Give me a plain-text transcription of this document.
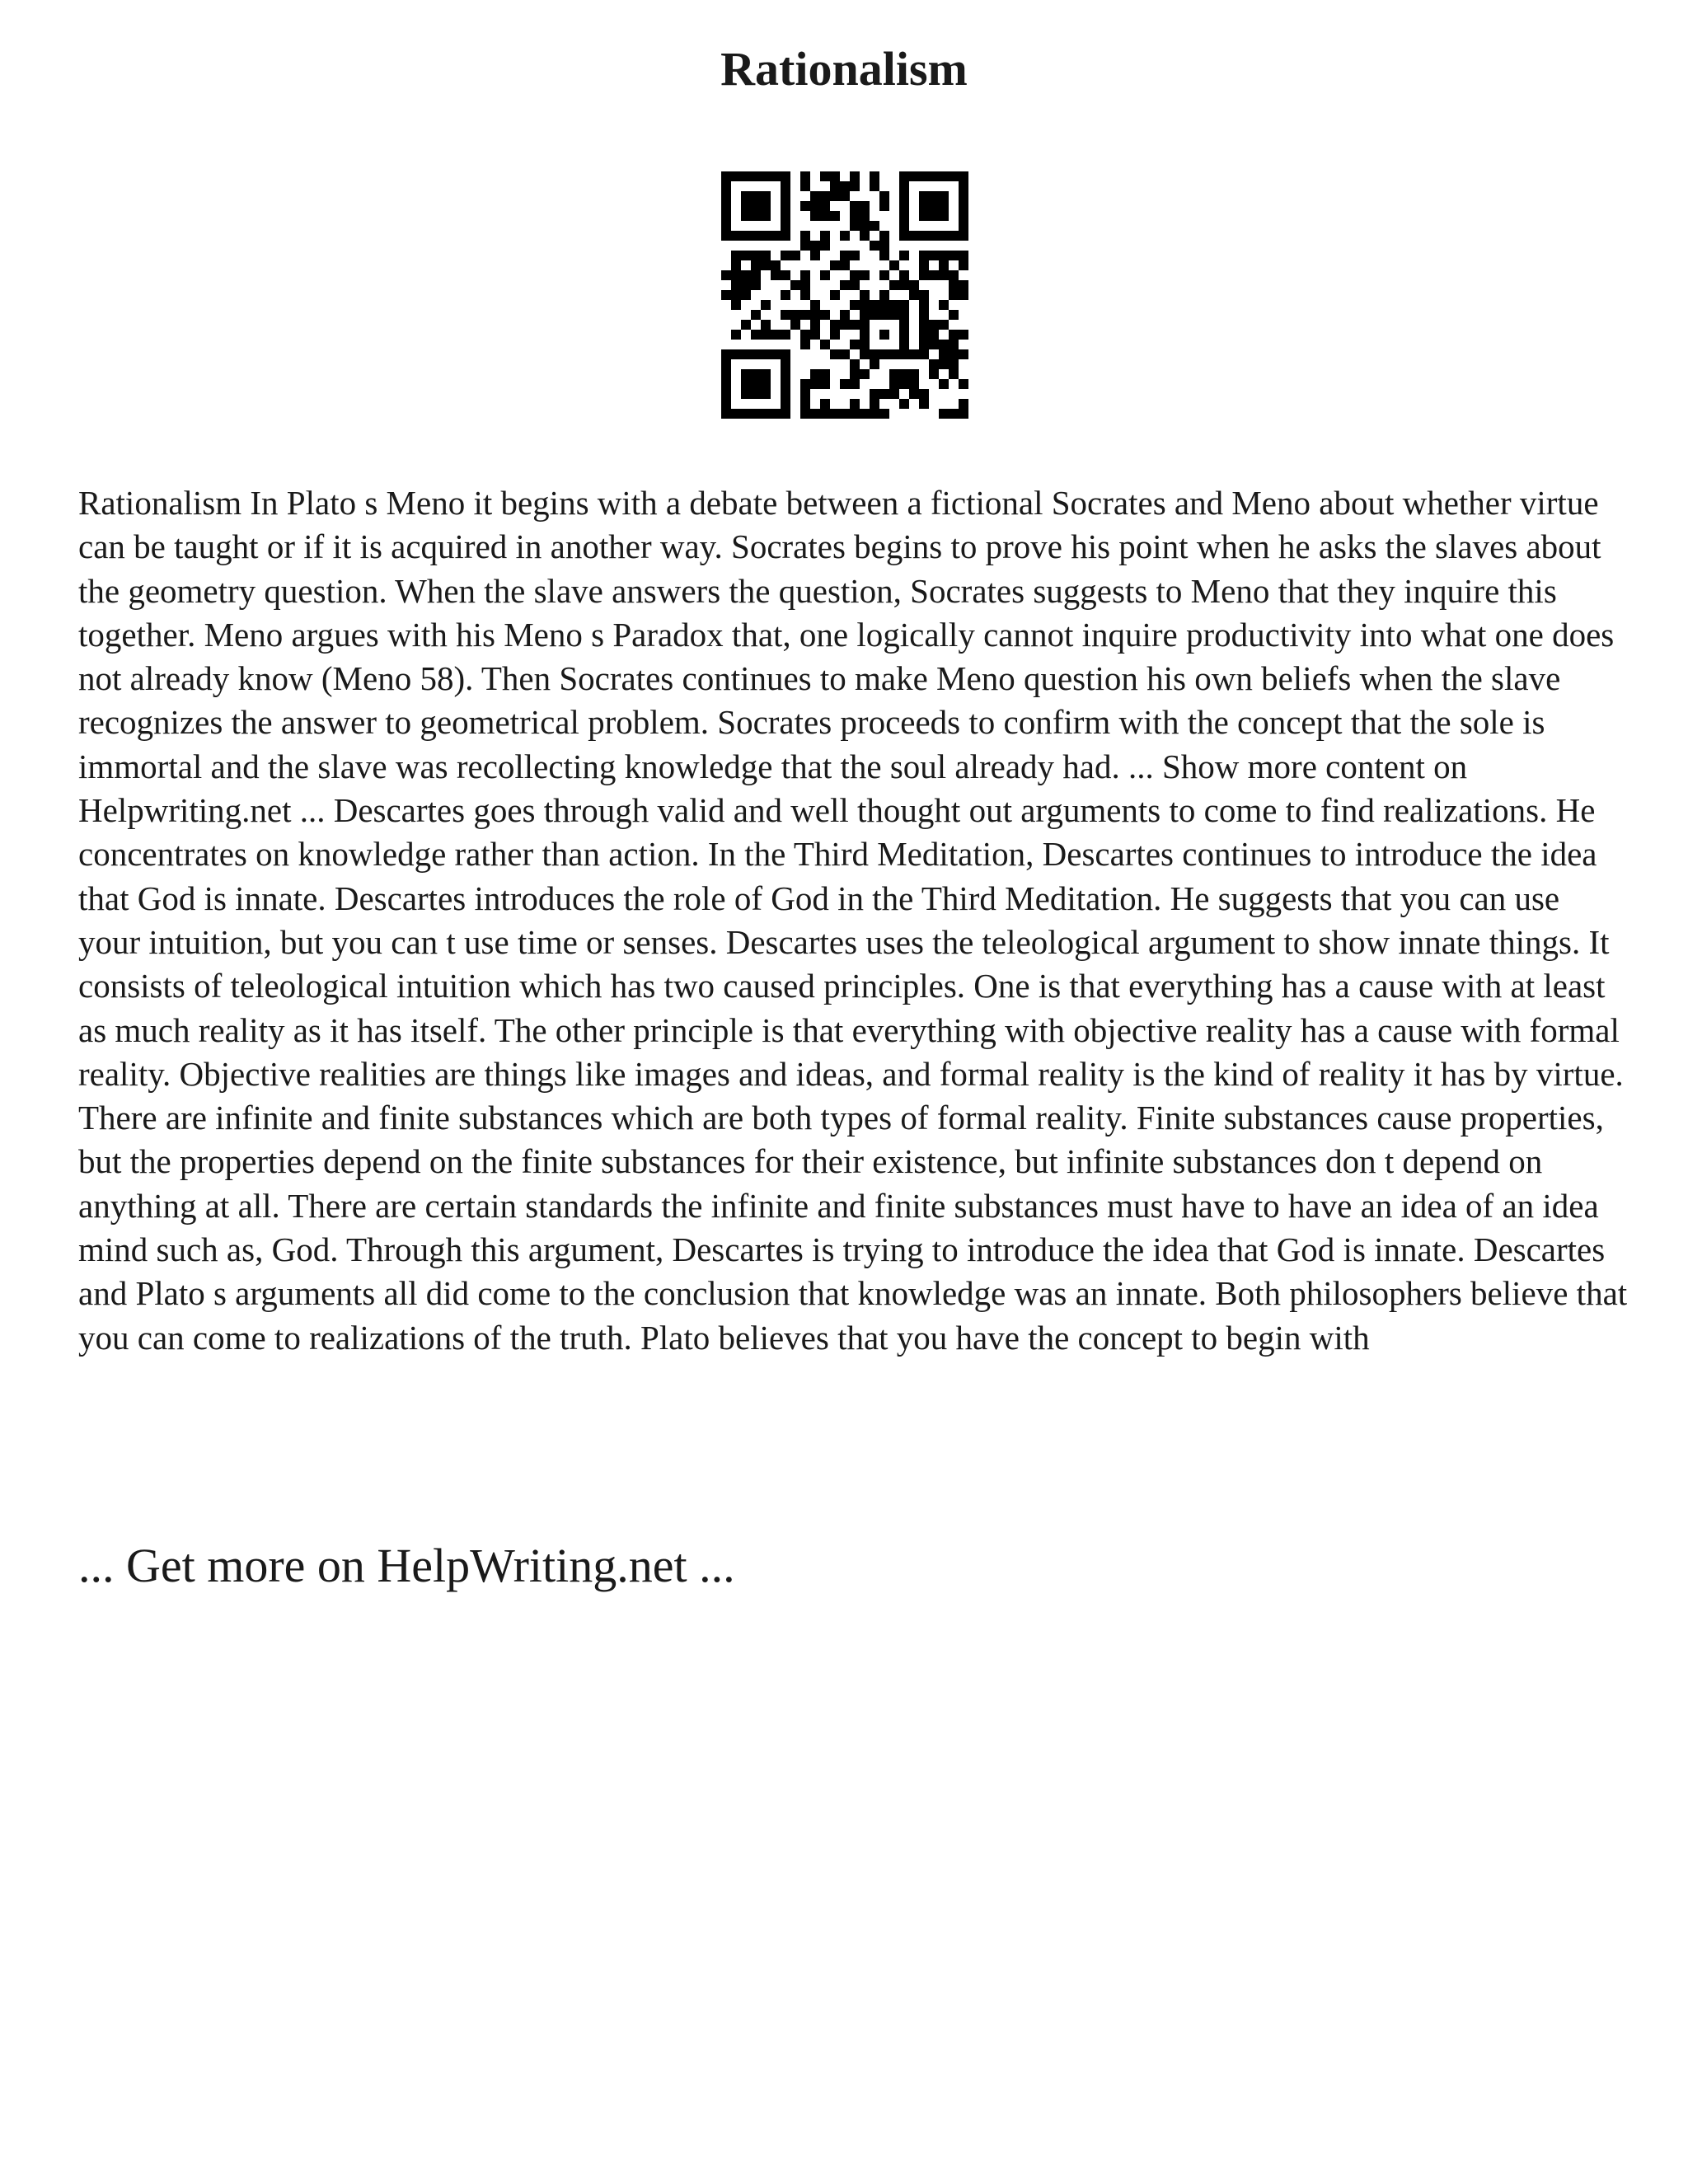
Rationalism

Rationalism In Plato s Meno it begins with a debate between a fictional Socrates and Meno about whether virtue can be taught or if it is acquired in another way. Socrates begins to prove his point when he asks the slaves about the geometry question. When the slave answers the question, Socrates suggests to Meno that they inquire this together. Meno argues with his Meno s Paradox that, one logically cannot inquire productivity into what one does not already know (Meno 58). Then Socrates continues to make Meno question his own beliefs when the slave recognizes the answer to geometrical problem. Socrates proceeds to confirm with the concept that the sole is immortal and the slave was recollecting knowledge that the soul already had. ... Show more content on Helpwriting.net ... Descartes goes through valid and well thought out arguments to come to find realizations. He concentrates on knowledge rather than action. In the Third Meditation, Descartes continues to introduce the idea that God is innate. Descartes introduces the role of God in the Third Meditation. He suggests that you can use your intuition, but you can t use time or senses. Descartes uses the teleological argument to show innate things. It consists of teleological intuition which has two caused principles. One is that everything has a cause with at least as much reality as it has itself. The other principle is that everything with objective reality has a cause with formal reality. Objective realities are things like images and ideas, and formal reality is the kind of reality it has by virtue. There are infinite and finite substances which are both types of formal reality. Finite substances cause properties, but the properties depend on the finite substances for their existence, but infinite substances don t depend on anything at all. There are certain standards the infinite and finite substances must have to have an idea of an idea mind such as, God. Through this argument, Descartes is trying to introduce the idea that God is innate. Descartes and Plato s arguments all did come to the conclusion that knowledge was an innate. Both philosophers believe that you can come to realizations of the truth. Plato believes that you have the concept to begin with

... Get more on HelpWriting.net ...
